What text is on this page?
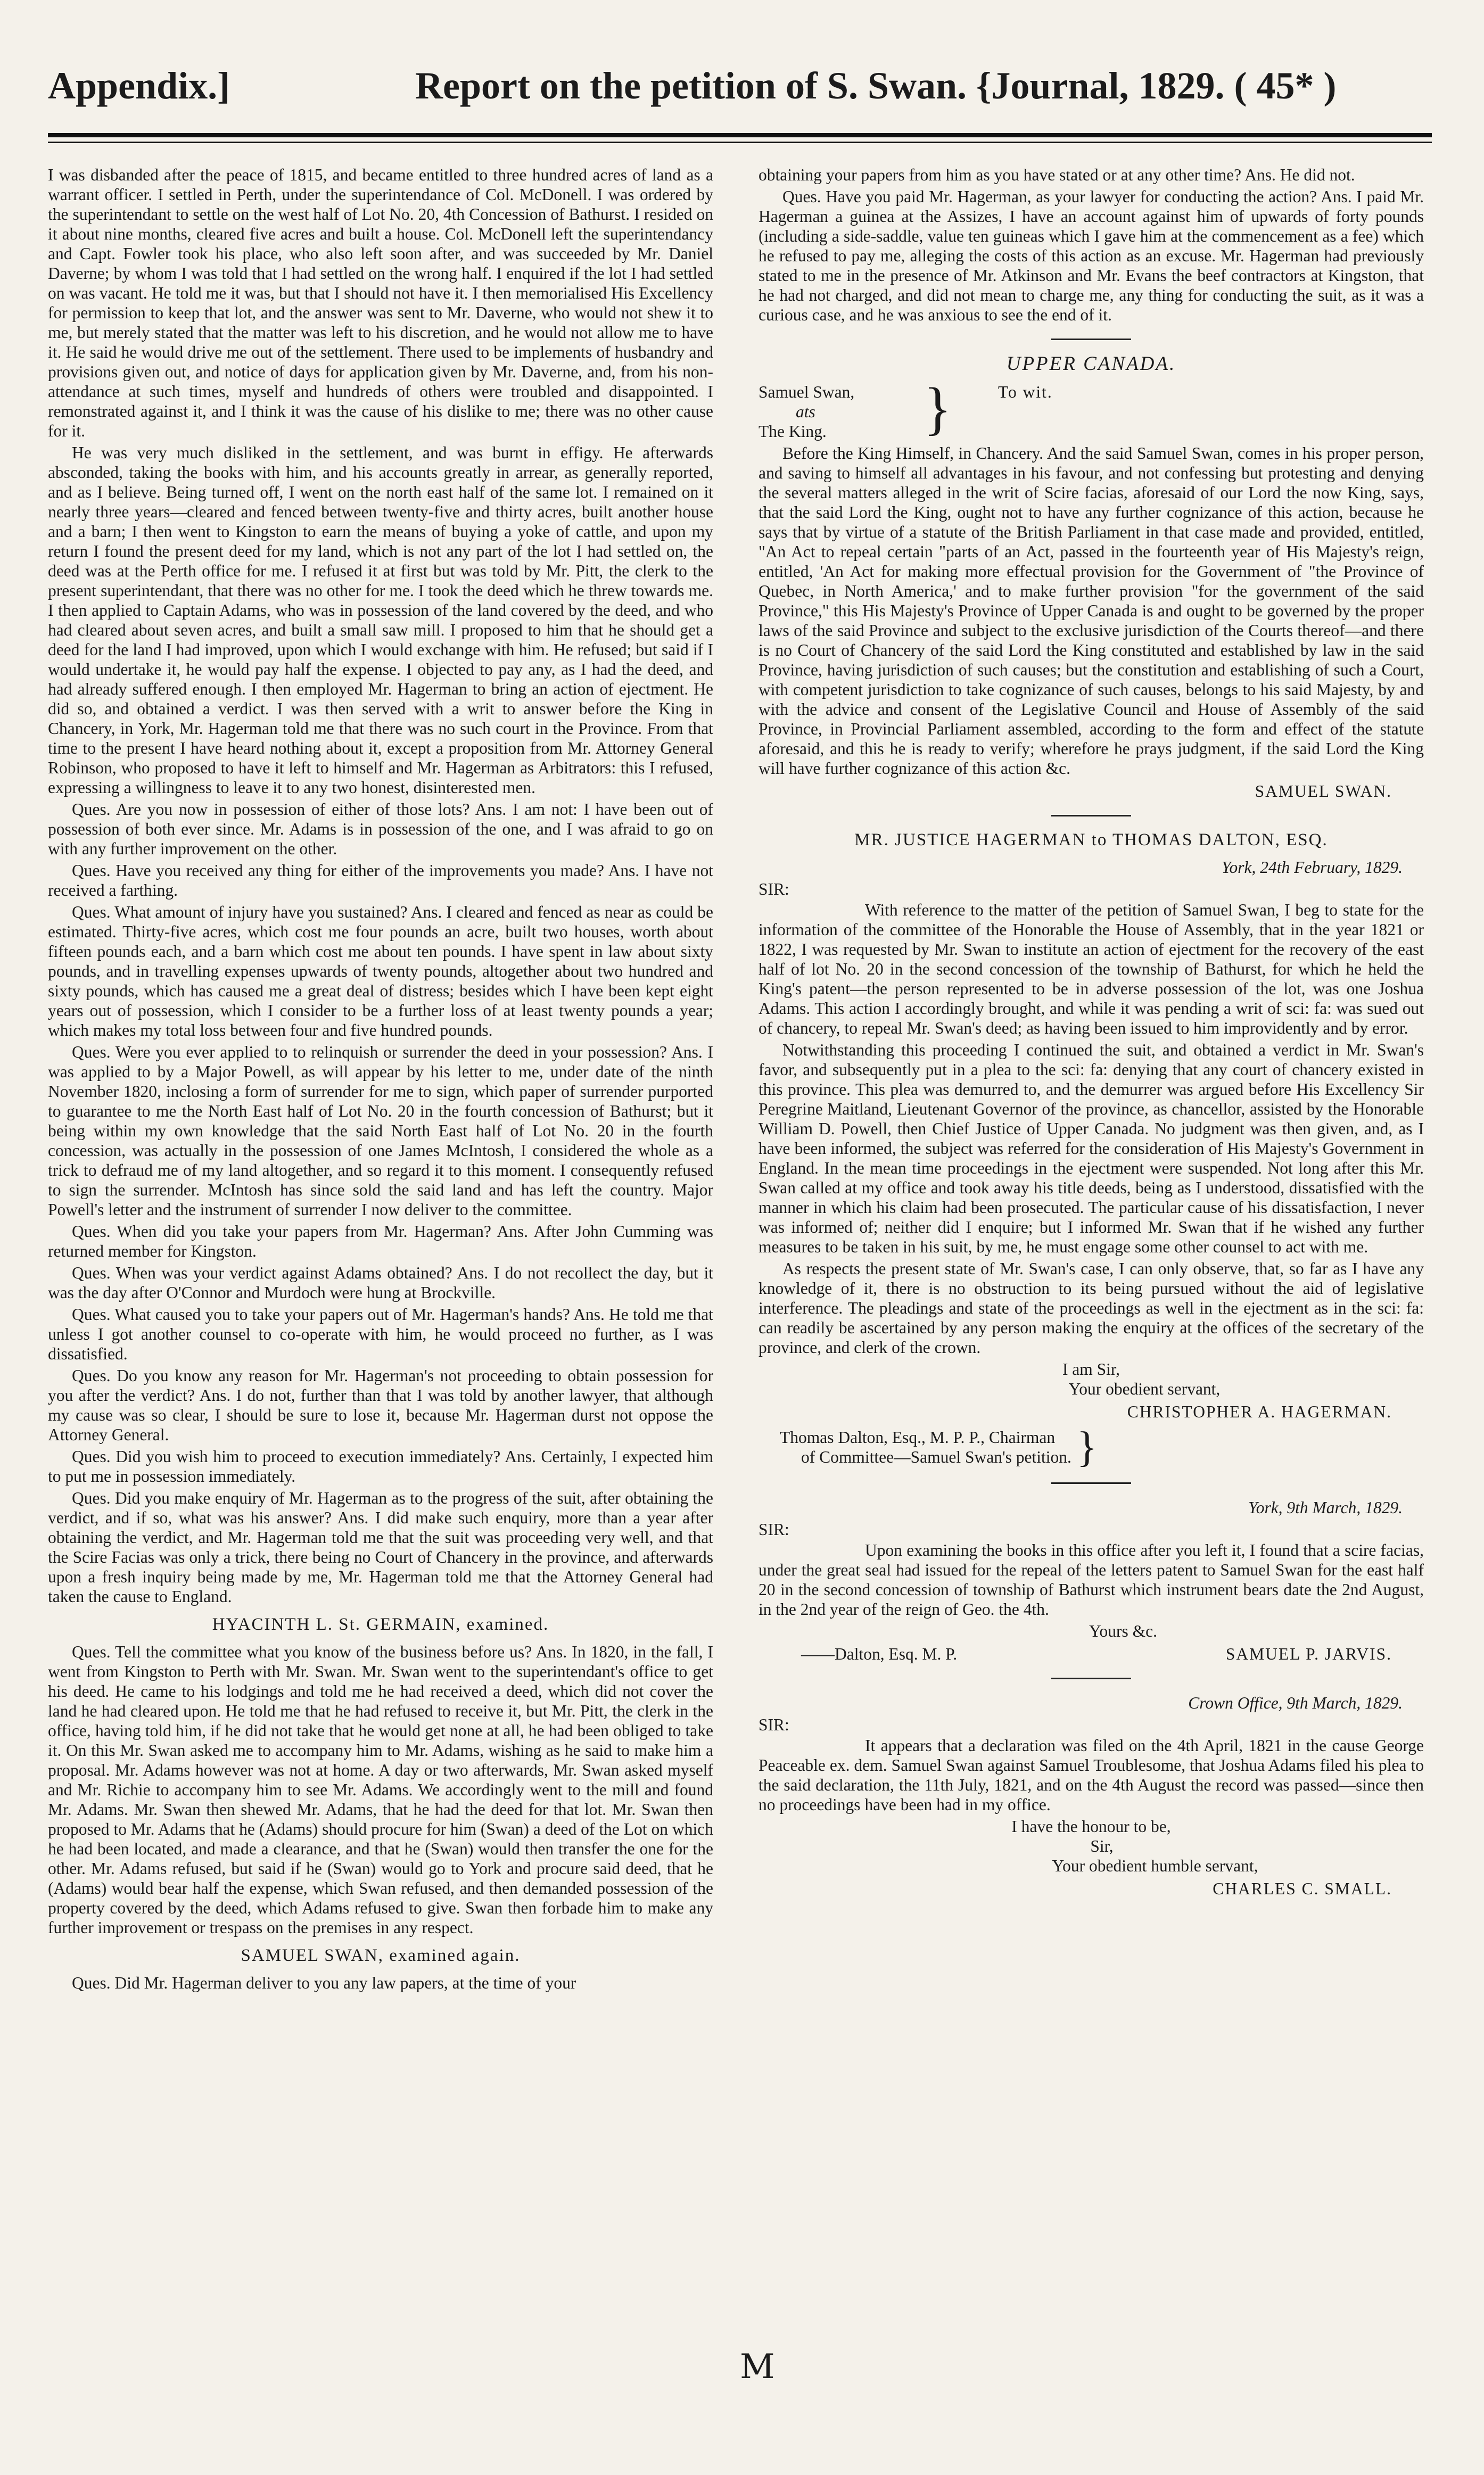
Appendix.]	Report on the petition of S. Swan. {Journal, 1829. ( 45* )

I was disbanded after the peace of 1815, and became entitled to three hundred acres of land as a warrant officer. I settled in Perth, under the superintendance of Col. McDonell. I was ordered by the superintendant to settle on the west half of Lot No. 20, 4th Concession of Bathurst. I resided on it about nine months, cleared five acres and built a house. Col. McDonell left the superintendancy and Capt. Fowler took his place, who also left soon after, and was succeeded by Mr. Daniel Daverne; by whom I was told that I had settled on the wrong half. I enquired if the lot I had settled on was vacant. He told me it was, but that I should not have it. I then memorialised His Excellency for permission to keep that lot, and the answer was sent to Mr. Daverne, who would not shew it to me, but merely stated that the matter was left to his discretion, and he would not allow me to have it. He said he would drive me out of the settlement. There used to be implements of husbandry and provisions given out, and notice of days for application given by Mr. Daverne, and, from his non-attendance at such times, myself and hundreds of others were troubled and disappointed. I remonstrated against it, and I think it was the cause of his dislike to me; there was no other cause for it.

He was very much disliked in the settlement, and was burnt in effigy. He afterwards absconded, taking the books with him, and his accounts greatly in arrear, as generally reported, and as I believe. Being turned off, I went on the north east half of the same lot. I remained on it nearly three years—cleared and fenced between twenty-five and thirty acres, built another house and a barn; I then went to Kingston to earn the means of buying a yoke of cattle, and upon my return I found the present deed for my land, which is not any part of the lot I had settled on, the deed was at the Perth office for me. I refused it at first but was told by Mr. Pitt, the clerk to the present superintendant, that there was no other for me. I took the deed which he threw towards me. I then applied to Captain Adams, who was in possession of the land covered by the deed, and who had cleared about seven acres, and built a small saw mill. I proposed to him that he should get a deed for the land I had improved, upon which I would exchange with him. He refused; but said if I would undertake it, he would pay half the expense. I objected to pay any, as I had the deed, and had already suffered enough. I then employed Mr. Hagerman to bring an action of ejectment. He did so, and obtained a verdict. I was then served with a writ to answer before the King in Chancery, in York, Mr. Hagerman told me that there was no such court in the Province. From that time to the present I have heard nothing about it, except a proposition from Mr. Attorney General Robinson, who proposed to have it left to himself and Mr. Hagerman as Arbitrators: this I refused, expressing a willingness to leave it to any two honest, disinterested men.

Ques. Are you now in possession of either of those lots? Ans. I am not: I have been out of possession of both ever since. Mr. Adams is in possession of the one, and I was afraid to go on with any further improvement on the other.

Ques. Have you received any thing for either of the improvements you made? Ans. I have not received a farthing.

Ques. What amount of injury have you sustained? Ans. I cleared and fenced as near as could be estimated. Thirty-five acres, which cost me four pounds an acre, built two houses, worth about fifteen pounds each, and a barn which cost me about ten pounds. I have spent in law about sixty pounds, and in travelling expenses upwards of twenty pounds, altogether about two hundred and sixty pounds, which has caused me a great deal of distress; besides which I have been kept eight years out of possession, which I consider to be a further loss of at least twenty pounds a year; which makes my total loss between four and five hundred pounds.

Ques. Were you ever applied to to relinquish or surrender the deed in your possession? Ans. I was applied to by a Major Powell, as will appear by his letter to me, under date of the ninth November 1820, inclosing a form of surrender for me to sign, which paper of surrender purported to guarantee to me the North East half of Lot No. 20 in the fourth concession of Bathurst; but it being within my own knowledge that the said North East half of Lot No. 20 in the fourth concession, was actually in the possession of one James McIntosh, I considered the whole as a trick to defraud me of my land altogether, and so regard it to this moment. I consequently refused to sign the surrender. McIntosh has since sold the said land and has left the country. Major Powell's letter and the instrument of surrender I now deliver to the committee.

Ques. When did you take your papers from Mr. Hagerman? Ans. After John Cumming was returned member for Kingston.

Ques. When was your verdict against Adams obtained? Ans. I do not recollect the day, but it was the day after O'Connor and Murdoch were hung at Brockville.

Ques. What caused you to take your papers out of Mr. Hagerman's hands? Ans. He told me that unless I got another counsel to co-operate with him, he would proceed no further, as I was dissatisfied.

Ques. Do you know any reason for Mr. Hagerman's not proceeding to obtain possession for you after the verdict? Ans. I do not, further than that I was told by another lawyer, that although my cause was so clear, I should be sure to lose it, because Mr. Hagerman durst not oppose the Attorney General.

Ques. Did you wish him to proceed to execution immediately? Ans. Certainly, I expected him to put me in possession immediately.

Ques. Did you make enquiry of Mr. Hagerman as to the progress of the suit, after obtaining the verdict, and if so, what was his answer? Ans. I did make such enquiry, more than a year after obtaining the verdict, and Mr. Hagerman told me that the suit was proceeding very well, and that the Scire Facias was only a trick, there being no Court of Chancery in the province, and afterwards upon a fresh inquiry being made by me, Mr. Hagerman told me that the Attorney General had taken the cause to England.

HYACINTH L. St. GERMAIN, examined.

Ques. Tell the committee what you know of the business before us? Ans. In 1820, in the fall, I went from Kingston to Perth with Mr. Swan. Mr. Swan went to the superintendant's office to get his deed. He came to his lodgings and told me he had received a deed, which did not cover the land he had cleared upon. He told me that he had refused to receive it, but Mr. Pitt, the clerk in the office, having told him, if he did not take that he would get none at all, he had been obliged to take it. On this Mr. Swan asked me to accompany him to Mr. Adams, wishing as he said to make him a proposal. Mr. Adams however was not at home. A day or two afterwards, Mr. Swan asked myself and Mr. Richie to accompany him to see Mr. Adams. We accordingly went to the mill and found Mr. Adams. Mr. Swan then shewed Mr. Adams, that he had the deed for that lot. Mr. Swan then proposed to Mr. Adams that he (Adams) should procure for him (Swan) a deed of the Lot on which he had been located, and made a clearance, and that he (Swan) would then transfer the one for the other. Mr. Adams refused, but said if he (Swan) would go to York and procure said deed, that he (Adams) would bear half the expense, which Swan refused, and then demanded possession of the property covered by the deed, which Adams refused to give. Swan then forbade him to make any further improvement or trespass on the premises in any respect.

SAMUEL SWAN, examined again.

Ques. Did Mr. Hagerman deliver to you any law papers, at the time of your

obtaining your papers from him as you have stated or at any other time? Ans. He did not.

Ques. Have you paid Mr. Hagerman, as your lawyer for conducting the action? Ans. I paid Mr. Hagerman a guinea at the Assizes, I have an account against him of upwards of forty pounds (including a side-saddle, value ten guineas which I gave him at the commencement as a fee) which he refused to pay me, alleging the costs of this action as an excuse. Mr. Hagerman had previously stated to me in the presence of Mr. Atkinson and Mr. Evans the beef contractors at Kingston, that he had not charged, and did not mean to charge me, any thing for conducting the suit, as it was a curious case, and he was anxious to see the end of it.

UPPER CANADA.
Samuel Swan,
ats
The King.	}	To wit.

Before the King Himself, in Chancery. And the said Samuel Swan, comes in his proper person, and saving to himself all advantages in his favour, and not confessing but protesting and denying the several matters alleged in the writ of Scire facias, aforesaid of our Lord the now King, says, that the said Lord the King, ought not to have any further cognizance of this action, because he says that by virtue of a statute of the British Parliament in that case made and provided, entitled, "An Act to repeal certain "parts of an Act, passed in the fourteenth year of His Majesty's reign, entitled, 'An Act for making more effectual provision for the Government of "the Province of Quebec, in North America,' and to make further provision "for the government of the said Province," this His Majesty's Province of Upper Canada is and ought to be governed by the proper laws of the said Province and subject to the exclusive jurisdiction of the Courts thereof—and there is no Court of Chancery of the said Lord the King constituted and established by law in the said Province, having jurisdiction of such causes; but the constitution and establishing of such a Court, with competent jurisdiction to take cognizance of such causes, belongs to his said Majesty, by and with the advice and consent of the Legislative Council and House of Assembly of the said Province, in Provincial Parliament assembled, according to the form and effect of the statute aforesaid, and this he is ready to verify; wherefore he prays judgment, if the said Lord the King will have further cognizance of this action &c.

SAMUEL SWAN.
MR. JUSTICE HAGERMAN to THOMAS DALTON, ESQ.
York, 24th February, 1829.
SIR:

With reference to the matter of the petition of Samuel Swan, I beg to state for the information of the committee of the Honorable the House of Assembly, that in the year 1821 or 1822, I was requested by Mr. Swan to institute an action of ejectment for the recovery of the east half of lot No. 20 in the second concession of the township of Bathurst, for which he held the King's patent—the person represented to be in adverse possession of the lot, was one Joshua Adams. This action I accordingly brought, and while it was pending a writ of sci: fa: was sued out of chancery, to repeal Mr. Swan's deed; as having been issued to him improvidently and by error.

Notwithstanding this proceeding I continued the suit, and obtained a verdict in Mr. Swan's favor, and subsequently put in a plea to the sci: fa: denying that any court of chancery existed in this province. This plea was demurred to, and the demurrer was argued before His Excellency Sir Peregrine Maitland, Lieutenant Governor of the province, as chancellor, assisted by the Honorable William D. Powell, then Chief Justice of Upper Canada. No judgment was then given, and, as I have been informed, the subject was referred for the consideration of His Majesty's Government in England. In the mean time proceedings in the ejectment were suspended. Not long after this Mr. Swan called at my office and took away his title deeds, being as I understood, dissatisfied with the manner in which his claim had been prosecuted. The particular cause of his dissatisfaction, I never was informed of; neither did I enquire; but I informed Mr. Swan that if he wished any further measures to be taken in his suit, by me, he must engage some other counsel to act with me.

As respects the present state of Mr. Swan's case, I can only observe, that, so far as I have any knowledge of it, there is no obstruction to its being pursued without the aid of legislative interference. The pleadings and state of the proceedings as well in the ejectment as in the sci: fa: can readily be ascertained by any person making the enquiry at the offices of the secretary of the province, and clerk of the crown.

I am Sir,
Your obedient servant,
CHRISTOPHER A. HAGERMAN.
Thomas Dalton, Esq., M. P. P., Chairman
of Committee—Samuel Swan's petition. }
York, 9th March, 1829.
SIR:

Upon examining the books in this office after you left it, I found that a scire facias, under the great seal had issued for the repeal of the letters patent to Samuel Swan for the east half 20 in the second concession of township of Bathurst which instrument bears date the 2nd August, in the 2nd year of the reign of Geo. the 4th.

Yours &c.
——Dalton, Esq. M. P.	SAMUEL P. JARVIS.
Crown Office, 9th March, 1829.
SIR:

It appears that a declaration was filed on the 4th April, 1821 in the cause George Peaceable ex. dem. Samuel Swan against Samuel Troublesome, that Joshua Adams filed his plea to the said declaration, the 11th July, 1821, and on the 4th August the record was passed—since then no proceedings have been had in my office.

I have the honour to be,
Sir,
Your obedient humble servant,
CHARLES C. SMALL.
M
